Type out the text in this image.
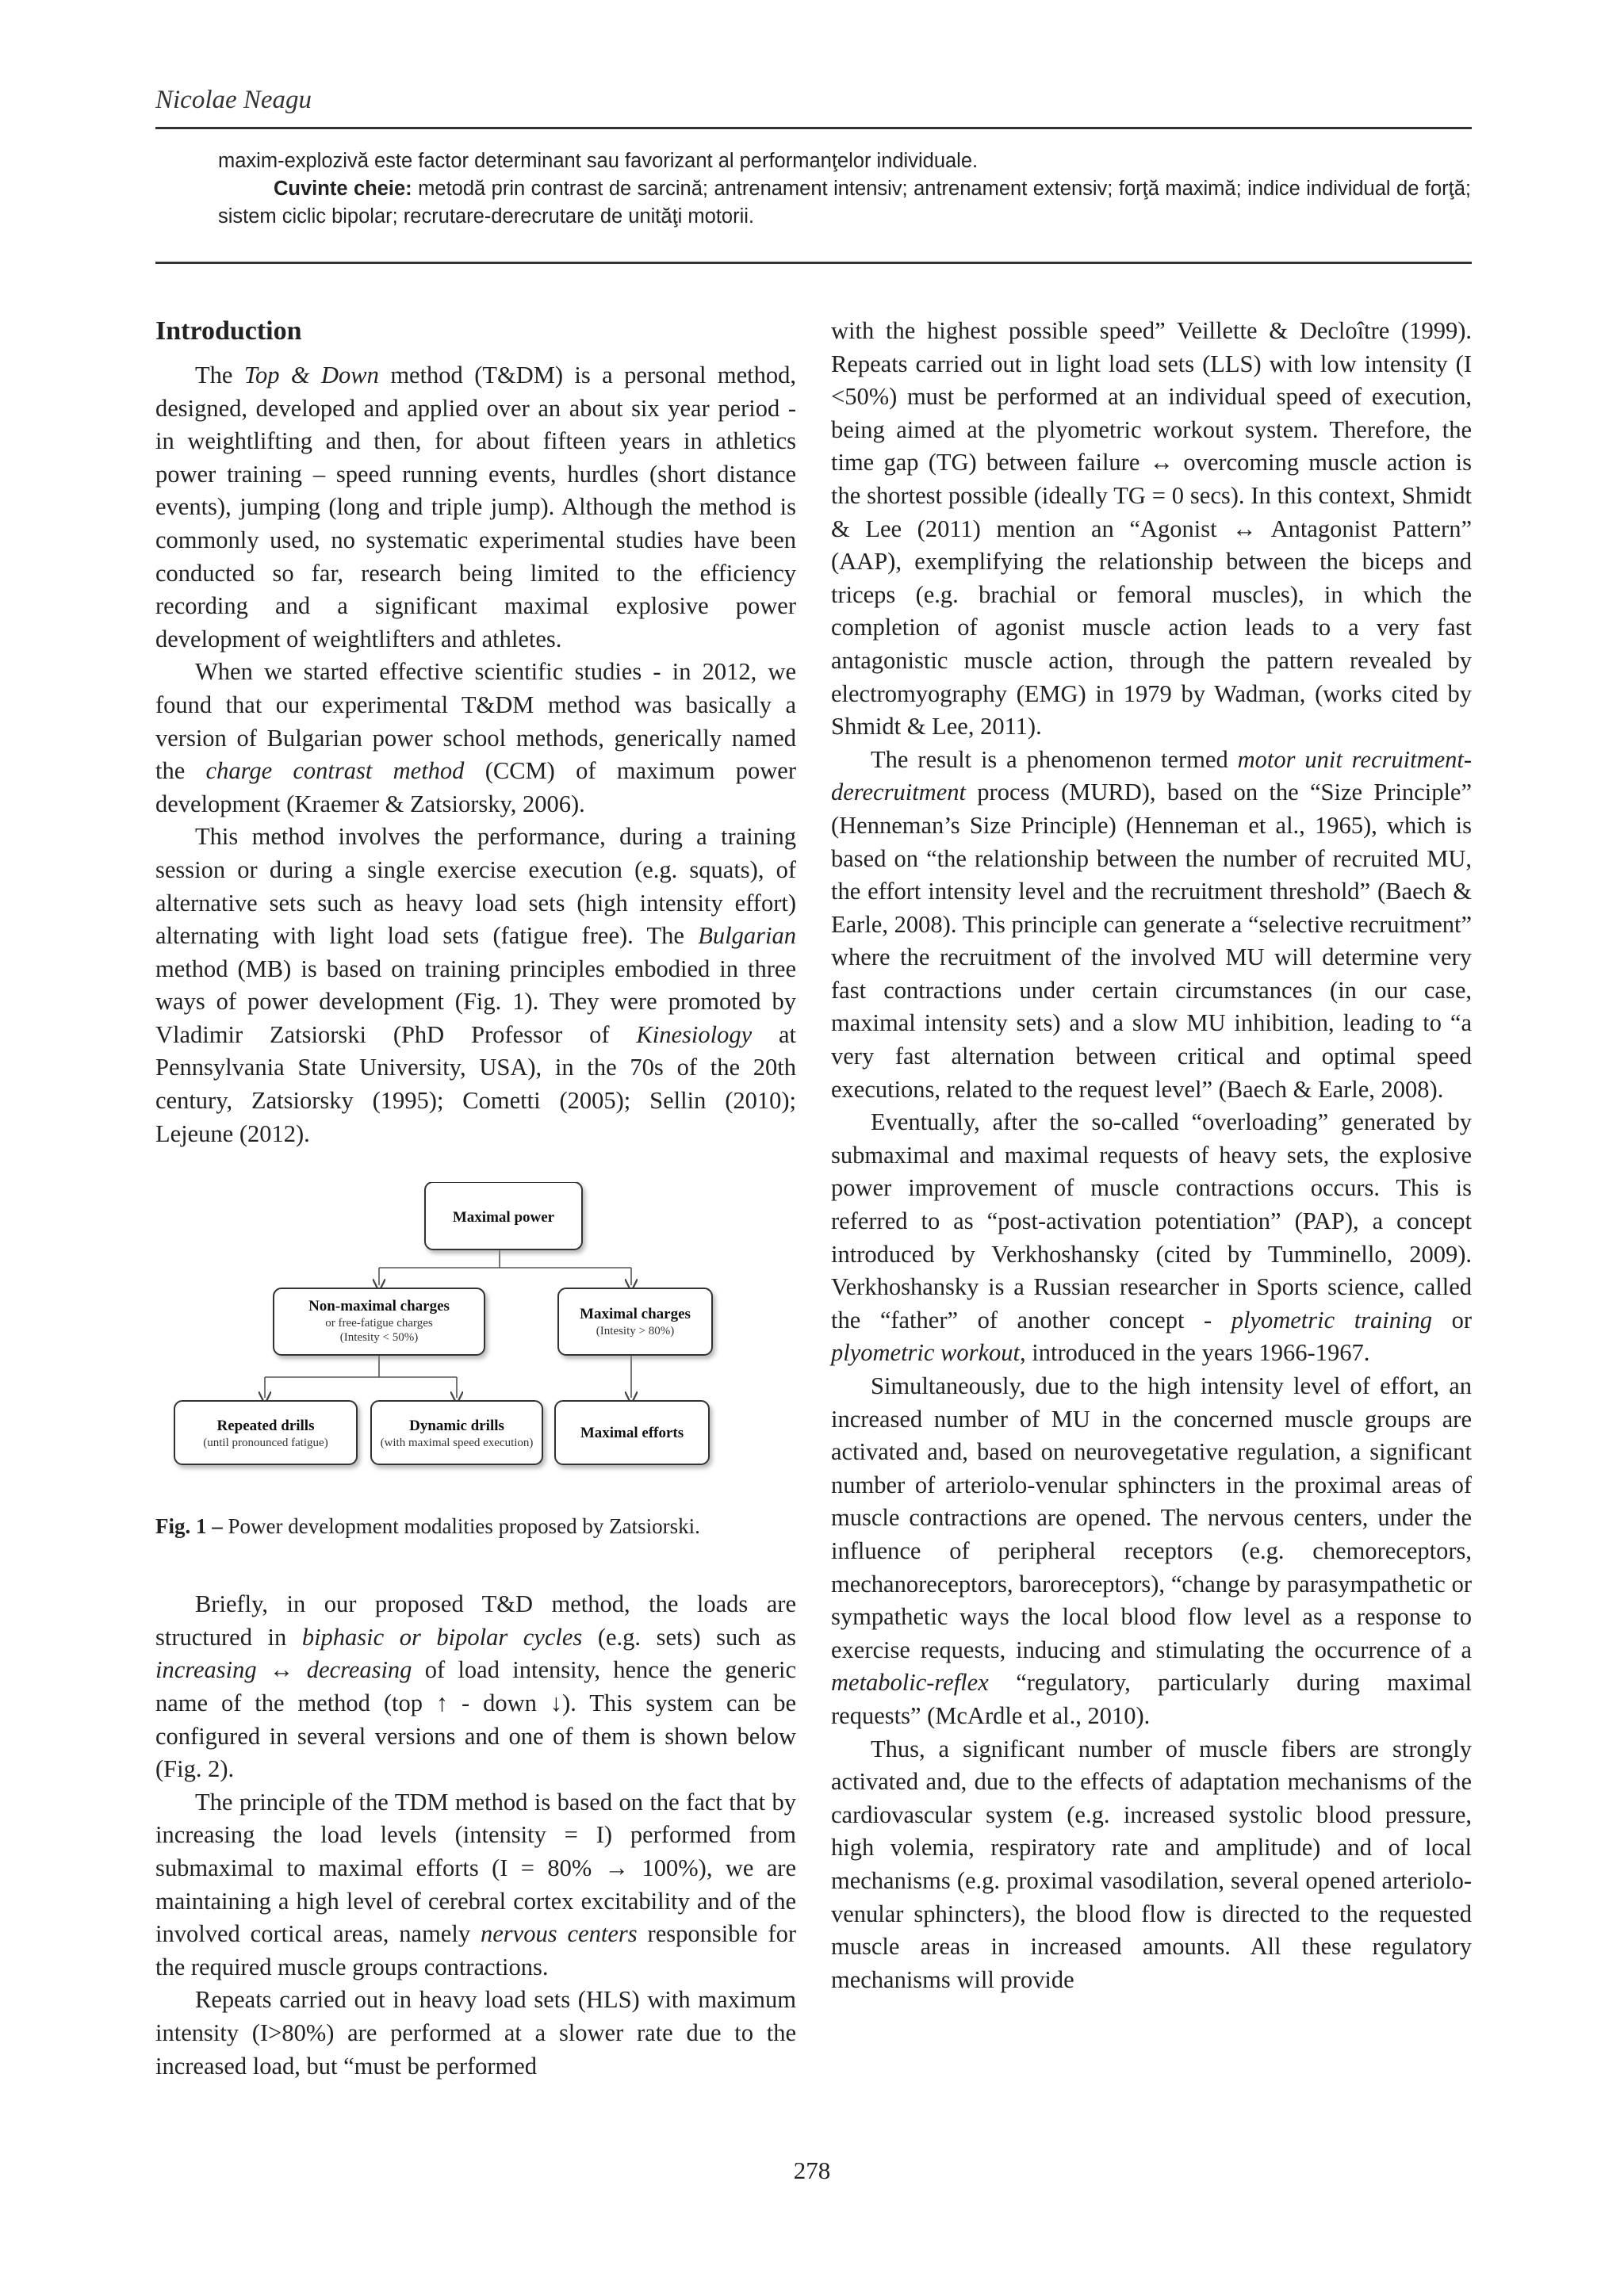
Nicolae Neagu

maxim-explozivă este factor determinant sau favorizant al performanţelor individuale.

Cuvinte cheie: metodă prin contrast de sarcină; antrenament intensiv; antrenament extensiv; forţă maximă; indice individual de forţă; sistem ciclic bipolar; recrutare-derecrutare de unităţi motorii.

Introduction

The Top & Down method (T&DM) is a personal method, designed, developed and applied over an about six year period - in weightlifting and then, for about fifteen years in athletics power training – speed running events, hurdles (short distance events), jumping (long and triple jump). Although the method is commonly used, no systematic experimental studies have been conducted so far, research being limited to the efficiency recording and a significant maximal explosive power development of weightlifters and athletes.

When we started effective scientific studies - in 2012, we found that our experimental T&DM method was basically a version of Bulgarian power school methods, generically named the charge contrast method (CCM) of maximum power development (Kraemer & Zatsiorsky, 2006).

This method involves the performance, during a training session or during a single exercise execution (e.g. squats), of alternative sets such as heavy load sets (high intensity effort) alternating with light load sets (fatigue free). The Bulgarian method (MB) is based on training principles embodied in three ways of power development (Fig. 1). They were promoted by Vladimir Zatsiorski (PhD Professor of Kinesiology at Pennsylvania State University, USA), in the 70s of the 20th century, Zatsiorsky (1995); Cometti (2005); Sellin (2010); Lejeune (2012).

Maximal power
Non-maximal charges
or free-fatigue charges
(Intesity < 50%)
Maximal charges
(Intesity > 80%)
Repeated drills
(until pronounced fatigue)
Dynamic drills
(with maximal speed execution)
Maximal efforts

Fig. 1 – Power development modalities proposed by Zatsiorski.

Briefly, in our proposed T&D method, the loads are structured in biphasic or bipolar cycles (e.g. sets) such as increasing ↔ decreasing of load intensity, hence the generic name of the method (top ↑ - down ↓). This system can be configured in several versions and one of them is shown below (Fig. 2).

The principle of the TDM method is based on the fact that by increasing the load levels (intensity = I) performed from submaximal to maximal efforts (I = 80% → 100%), we are maintaining a high level of cerebral cortex excitability and of the involved cortical areas, namely nervous centers responsible for the required muscle groups contractions.

Repeats carried out in heavy load sets (HLS) with maximum intensity (I>80%) are performed at a slower rate due to the increased load, but “must be performed

with the highest possible speed” Veillette & Decloître (1999). Repeats carried out in light load sets (LLS) with low intensity (I <50%) must be performed at an individual speed of execution, being aimed at the plyometric workout system. Therefore, the time gap (TG) between failure ↔ overcoming muscle action is the shortest possible (ideally TG = 0 secs). In this context, Shmidt & Lee (2011) mention an “Agonist ↔ Antagonist Pattern” (AAP), exemplifying the relationship between the biceps and triceps (e.g. brachial or femoral muscles), in which the completion of agonist muscle action leads to a very fast antagonistic muscle action, through the pattern revealed by electromyography (EMG) in 1979 by Wadman, (works cited by Shmidt & Lee, 2011).

The result is a phenomenon termed motor unit recruitment-derecruitment process (MURD), based on the “Size Principle” (Henneman’s Size Principle) (Henneman et al., 1965), which is based on “the relationship between the number of recruited MU, the effort intensity level and the recruitment threshold” (Baech & Earle, 2008). This principle can generate a “selective recruitment” where the recruitment of the involved MU will determine very fast contractions under certain circumstances (in our case, maximal intensity sets) and a slow MU inhibition, leading to “a very fast alternation between critical and optimal speed executions, related to the request level” (Baech & Earle, 2008).

Eventually, after the so-called “overloading” generated by submaximal and maximal requests of heavy sets, the explosive power improvement of muscle contractions occurs. This is referred to as “post-activation potentiation” (PAP), a concept introduced by Verkhoshansky (cited by Tumminello, 2009). Verkhoshansky is a Russian researcher in Sports science, called the “father” of another concept - plyometric training or plyometric workout, introduced in the years 1966-1967.

Simultaneously, due to the high intensity level of effort, an increased number of MU in the concerned muscle groups are activated and, based on neurovegetative regulation, a significant number of arteriolo-venular sphincters in the proximal areas of muscle contractions are opened. The nervous centers, under the influence of peripheral receptors (e.g. chemoreceptors, mechanoreceptors, baroreceptors), “change by parasympathetic or sympathetic ways the local blood flow level as a response to exercise requests, inducing and stimulating the occurrence of a metabolic-reflex “regulatory, particularly during maximal requests” (McArdle et al., 2010).

Thus, a significant number of muscle fibers are strongly activated and, due to the effects of adaptation mechanisms of the cardiovascular system (e.g. increased systolic blood pressure, high volemia, respiratory rate and amplitude) and of local mechanisms (e.g. proximal vasodilation, several opened arteriolo-venular sphincters), the blood flow is directed to the requested muscle areas in increased amounts. All these regulatory mechanisms will provide

278
